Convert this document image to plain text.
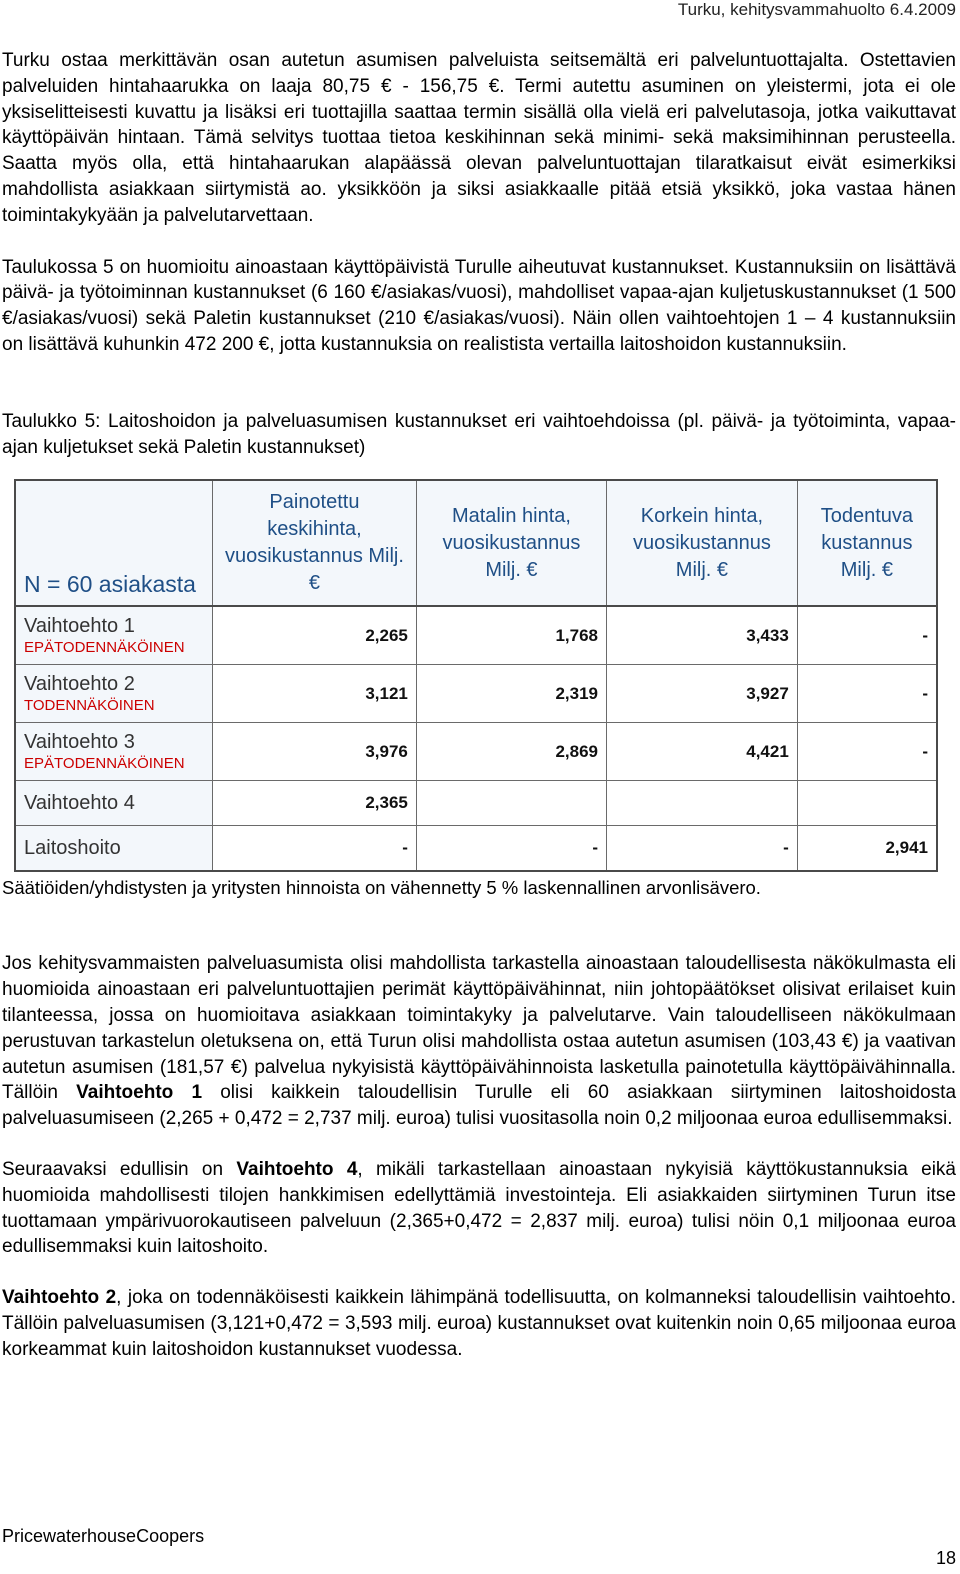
Turku, kehitysvammahuolto 6.4.2009

Turku ostaa merkittävän osan autetun asumisen palveluista seitsemältä eri palveluntuottajalta. Ostettavien palveluiden hintahaarukka on laaja 80,75 € - 156,75 €. Termi autettu asuminen on yleistermi, jota ei ole yksiselitteisesti kuvattu ja lisäksi eri tuottajilla saattaa termin sisällä olla vielä eri palvelutasoja, jotka vaikuttavat käyttöpäivän hintaan. Tämä selvitys tuottaa tietoa keskihinnan sekä minimi- sekä maksimihinnan perusteella. Saatta myös olla, että hintahaarukan alapäässä olevan palveluntuottajan tilaratkaisut eivät esimerkiksi mahdollista asiakkaan siirtymistä ao. yksikköön ja siksi asiakkaalle pitää etsiä yksikkö, joka vastaa hänen toimintakykyään ja palvelutarvettaan.

Taulukossa 5 on huomioitu ainoastaan käyttöpäivistä Turulle aiheutuvat kustannukset. Kustannuksiin on lisättävä päivä- ja työtoiminnan kustannukset (6 160 €/asiakas/vuosi), mahdolliset vapaa-ajan kuljetuskustannukset (1 500 €/asiakas/vuosi) sekä Paletin kustannukset (210 €/asiakas/vuosi). Näin ollen vaihtoehtojen 1 – 4 kustannuksiin on lisättävä kuhunkin 472 200 €, jotta kustannuksia on realistista vertailla laitoshoidon kustannuksiin.

Taulukko 5: Laitoshoidon ja palveluasumisen kustannukset eri vaihtoehdoissa (pl. päivä- ja työtoiminta, vapaa-ajan kuljetukset sekä Paletin kustannukset)

N = 60 asiakasta	Painotettu keskihinta, vuosikustannus Milj. €	Matalin hinta, vuosikustannus Milj. €	Korkein hinta, vuosikustannus Milj. €	Todentuva kustannus Milj. €

Vaihtoehto 1
EPÄTODENNÄKÖINEN	2,265	1,768	3,433	-

Vaihtoehto 2
TODENNÄKÖINEN	3,121	2,319	3,927	-

Vaihtoehto 3
EPÄTODENNÄKÖINEN	3,976	2,869	4,421	-

Vaihtoehto 4	2,365			

Laitoshoito	-	-	-	2,941

Säätiöiden/yhdistysten ja yritysten hinnoista on vähennetty 5 % laskennallinen arvonlisävero.

Jos kehitysvammaisten palveluasumista olisi mahdollista tarkastella ainoastaan taloudellisesta näkökulmasta eli huomioida ainoastaan eri palveluntuottajien perimät käyttöpäivähinnat, niin johtopäätökset olisivat erilaiset kuin tilanteessa, jossa on huomioitava asiakkaan toimintakyky ja palvelutarve. Vain taloudelliseen näkökulmaan perustuvan tarkastelun oletuksena on, että Turun olisi mahdollista ostaa autetun asumisen (103,43 €) ja vaativan autetun asumisen (181,57 €) palvelua nykyisistä käyttöpäivähinnoista lasketulla painotetulla käyttöpäivähinnalla. Tällöin Vaihtoehto 1 olisi kaikkein taloudellisin Turulle eli 60 asiakkaan siirtyminen laitoshoidosta palveluasumiseen (2,265 + 0,472 = 2,737 milj. euroa) tulisi vuositasolla noin 0,2 miljoonaa euroa edullisemmaksi.

Seuraavaksi edullisin on Vaihtoehto 4, mikäli tarkastellaan ainoastaan nykyisiä käyttökustannuksia eikä huomioida mahdollisesti tilojen hankkimisen edellyttämiä investointeja. Eli asiakkaiden siirtyminen Turun itse tuottamaan ympärivuorokautiseen palveluun (2,365+0,472 = 2,837 milj. euroa) tulisi nöin 0,1 miljoonaa euroa edullisemmaksi kuin laitoshoito.

Vaihtoehto 2, joka on todennäköisesti kaikkein lähimpänä todellisuutta, on kolmanneksi taloudellisin vaihtoehto. Tällöin palveluasumisen (3,121+0,472 = 3,593 milj. euroa) kustannukset ovat kuitenkin noin 0,65 miljoonaa euroa korkeammat kuin laitoshoidon kustannukset vuodessa.

PricewaterhouseCoopers
18
